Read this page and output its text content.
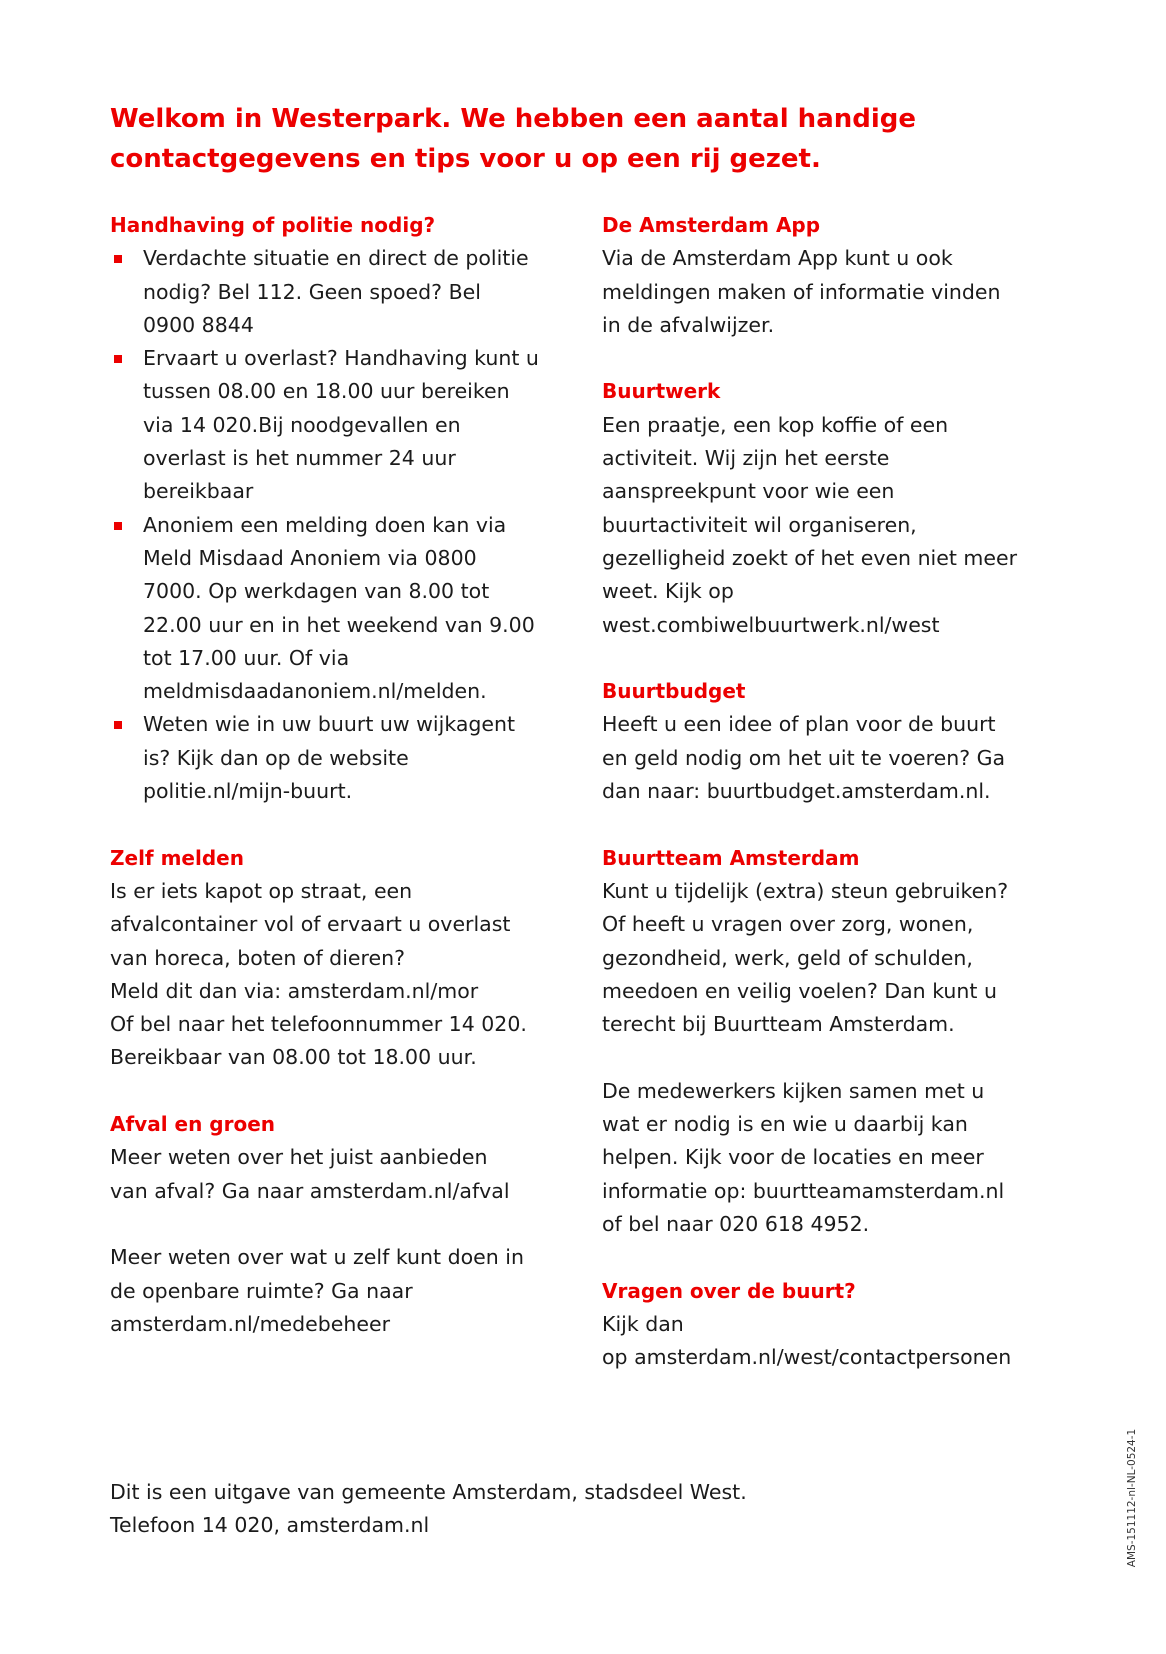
Welkom in Westerpark. We hebben een aantal handige
contactgegevens en tips voor u op een rij gezet.
Handhaving of politie nodig?
Verdachte situatie en direct de politie
nodig? Bel 112. Geen spoed? Bel
0900 8844
Ervaart u overlast? Handhaving kunt u
tussen 08.00 en 18.00 uur bereiken
via 14 020.Bij noodgevallen en
overlast is het nummer 24 uur
bereikbaar
Anoniem een melding doen kan via
Meld Misdaad Anoniem via 0800
7000. Op werkdagen van 8.00 tot
22.00 uur en in het weekend van 9.00
tot 17.00 uur. Of via
meldmisdaadanoniem.nl/melden.
Weten wie in uw buurt uw wijkagent
is? Kijk dan op de website
politie.nl/mijn-buurt.
Zelf melden
Is er iets kapot op straat, een
afvalcontainer vol of ervaart u overlast
van horeca, boten of dieren?
Meld dit dan via: amsterdam.nl/mor
Of bel naar het telefoonnummer 14 020.
Bereikbaar van 08.00 tot 18.00 uur.
Afval en groen
Meer weten over het juist aanbieden
van afval? Ga naar amsterdam.nl/afval
Meer weten over wat u zelf kunt doen in
de openbare ruimte? Ga naar
amsterdam.nl/medebeheer
De Amsterdam App
Via de Amsterdam App kunt u ook
meldingen maken of informatie vinden
in de afvalwijzer.
Buurtwerk
Een praatje, een kop koffie of een
activiteit. Wij zijn het eerste
aanspreekpunt voor wie een
buurtactiviteit wil organiseren,
gezelligheid zoekt of het even niet meer
weet. Kijk op
west.combiwelbuurtwerk.nl/west
Buurtbudget
Heeft u een idee of plan voor de buurt
en geld nodig om het uit te voeren? Ga
dan naar: buurtbudget.amsterdam.nl.
Buurtteam Amsterdam
Kunt u tijdelijk (extra) steun gebruiken?
Of heeft u vragen over zorg, wonen,
gezondheid, werk, geld of schulden,
meedoen en veilig voelen? Dan kunt u
terecht bij Buurtteam Amsterdam.
De medewerkers kijken samen met u
wat er nodig is en wie u daarbij kan
helpen. Kijk voor de locaties en meer
informatie op: buurtteamamsterdam.nl
of bel naar 020 618 4952.
Vragen over de buurt?
Kijk dan
op amsterdam.nl/west/contactpersonen
Dit is een uitgave van gemeente Amsterdam, stadsdeel West.
Telefoon 14 020, amsterdam.nl	AMS-151112-nl-NL-0524-1
